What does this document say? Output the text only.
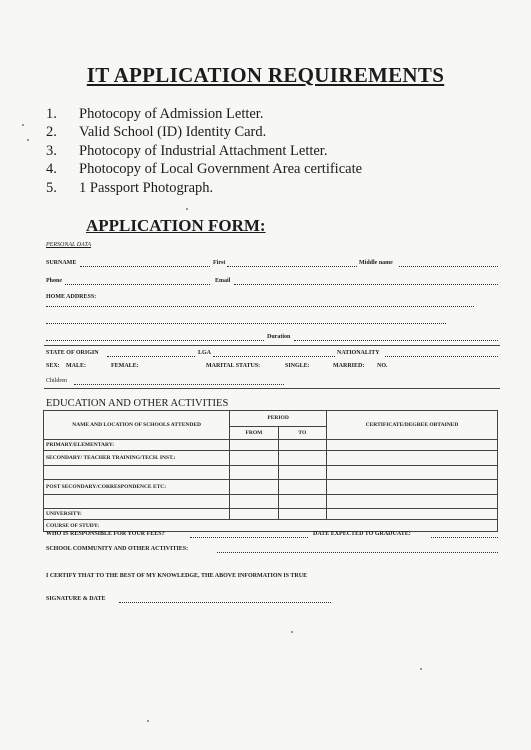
IT APPLICATION REQUIREMENTS
1. Photocopy of Admission Letter.
2. Valid School (ID) Identity Card.
3. Photocopy of Industrial Attachment Letter.
4. Photocopy of Local Government Area certificate
5. 1 Passport Photograph.
APPLICATION FORM:
PERSONAL DATA
SURNAME	First	Middle name
Phone	Email
HOME ADDRESS:
Duration
STATE OF ORIGIN	LGA	NATIONALITY
SEX: MALE:	FEMALE:	MARITAL STATUS:	SINGLE:	MARRIED: NO.
Children
EDUCATION AND OTHER ACTIVITIES
NAME AND LOCATION OF SCHOOLS ATTENDED	PERIOD		CERTIFICATE/DEGREE OBTAINED
	FROM	TO	
PRIMARY/ELEMENTARY:			
SECONDARY/ TEACHER TRAINING/TECH. INST.:			

POST SECONDARY/CORRESPONDENCE ETC:			

UNIVERSITY:			
COURSE OF STUDY:			
WHO IS RESPONSIBLE FOR YOUR FEES?	DATE EXPECTED TO GRADUATE:
SCHOOL COMMUNITY AND OTHER ACTIVITIES:
I CERTIFY THAT TO THE BEST OF MY KNOWLEDGE, THE ABOVE INFORMATION IS TRUE
SIGNATURE & DATE
